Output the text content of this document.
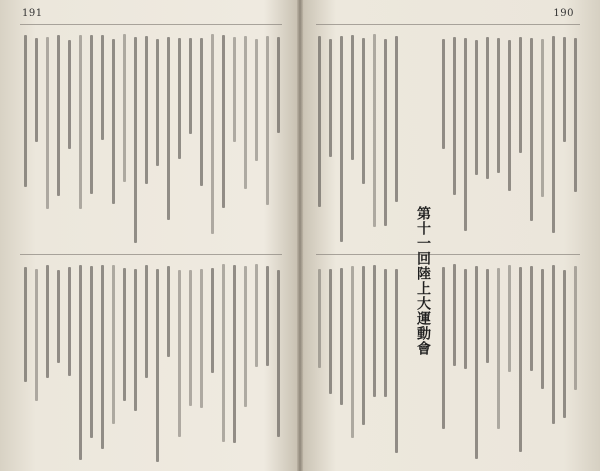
191	190
第十一回陸上大運動會
